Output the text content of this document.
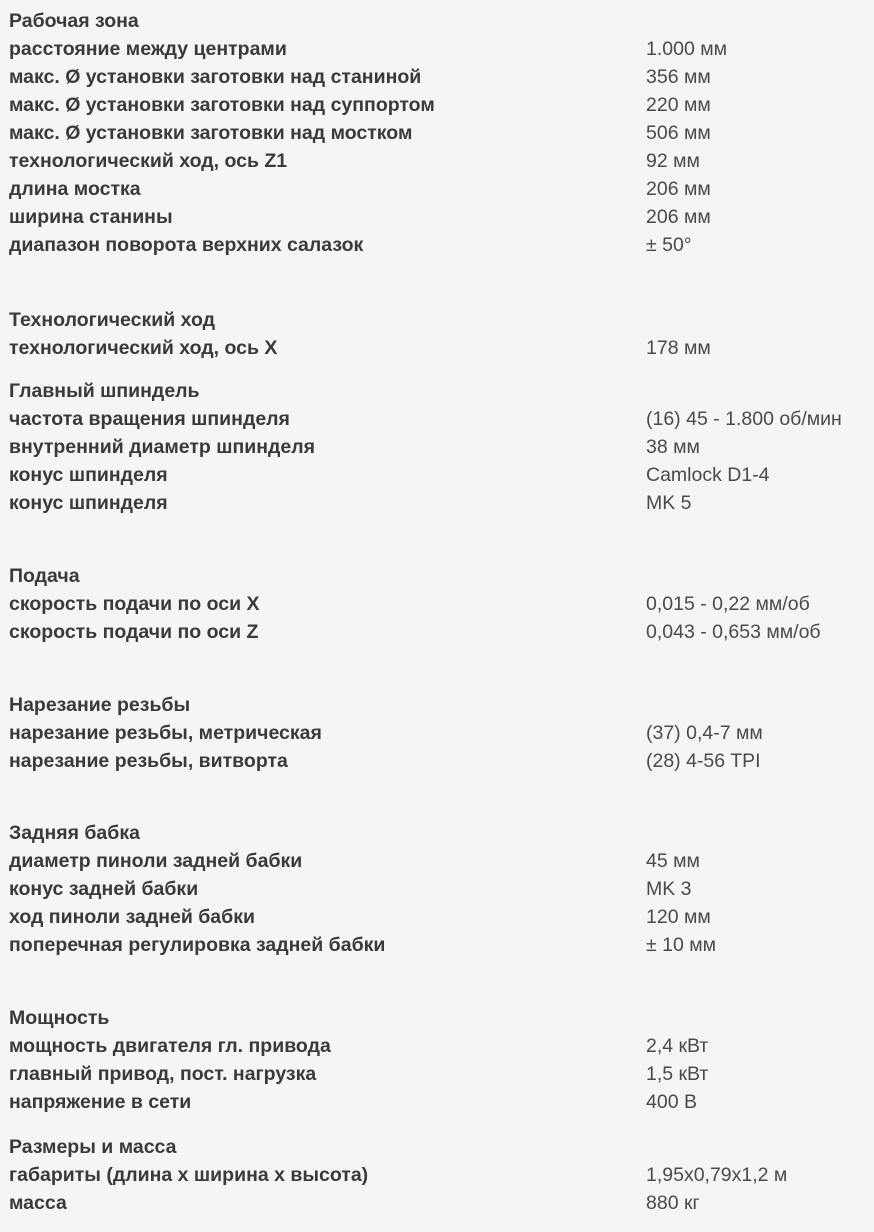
Рабочая зона
расстояние между центрами	1.000 мм
макс. Ø установки заготовки над станиной	356 мм
макс. Ø установки заготовки над суппортом	220 мм
макс. Ø установки заготовки над мостком	506 мм
технологический ход, ось Z1	92 мм
длина мостка	206 мм
ширина станины	206 мм
диапазон поворота верхних салазок	± 50°
Технологический ход
технологический ход, ось X	178 мм
Главный шпиндель
частота вращения шпинделя	(16) 45 - 1.800 об/мин
внутренний диаметр шпинделя	38 мм
конус шпинделя	Camlock D1-4
конус шпинделя	MK 5
Подача
скорость подачи по оси X	0,015 - 0,22 мм/об
скорость подачи по оси Z	0,043 - 0,653 мм/об
Нарезание резьбы
нарезание резьбы, метрическая	(37) 0,4-7 мм
нарезание резьбы, витворта	(28) 4-56 TPI
Задняя бабка
диаметр пиноли задней бабки	45 мм
конус задней бабки	MK 3
ход пиноли задней бабки	120 мм
поперечная регулировка задней бабки	± 10 мм
Мощность
мощность двигателя гл. привода	2,4 кВт
главный привод, пост. нагрузка	1,5 кВт
напряжение в сети	400 В
Размеры и масса
габариты (длина x ширина x высота)	1,95x0,79x1,2 м
масса	880 кг
